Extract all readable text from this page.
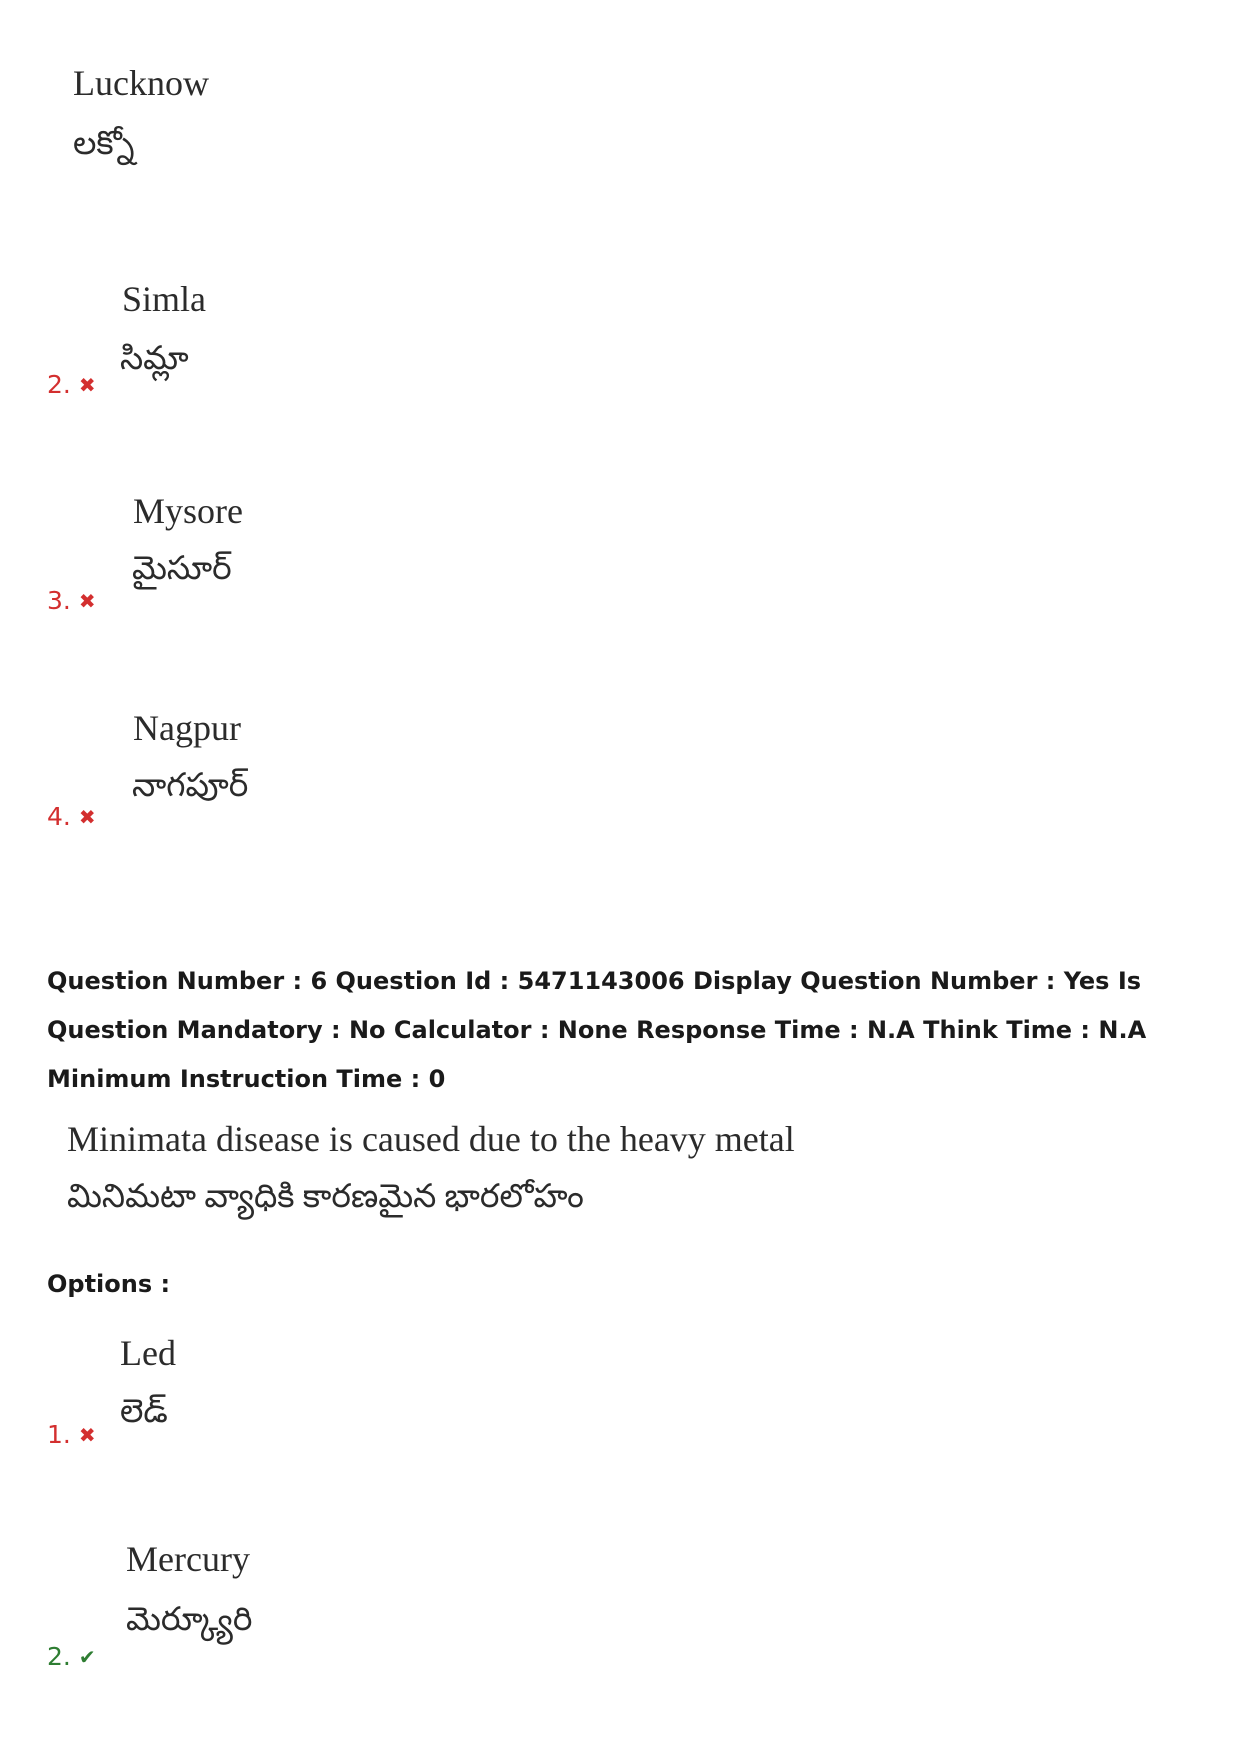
Lucknow
లక్నో
Simla
సిమ్లా
2. ✖
Mysore
మైసూర్
3. ✖
Nagpur
నాగపూర్
4. ✖
Question Number : 6 Question Id : 5471143006 Display Question Number : Yes Is Question Mandatory : No Calculator : None Response Time : N.A Think Time : N.A Minimum Instruction Time : 0
Minimata disease is caused due to the heavy metal
మినిమటా వ్యాధికి కారణమైన భారలోహం
Options :
Led
లెడ్
1. ✖
Mercury
మెర్క్యూరి
2. ✔
